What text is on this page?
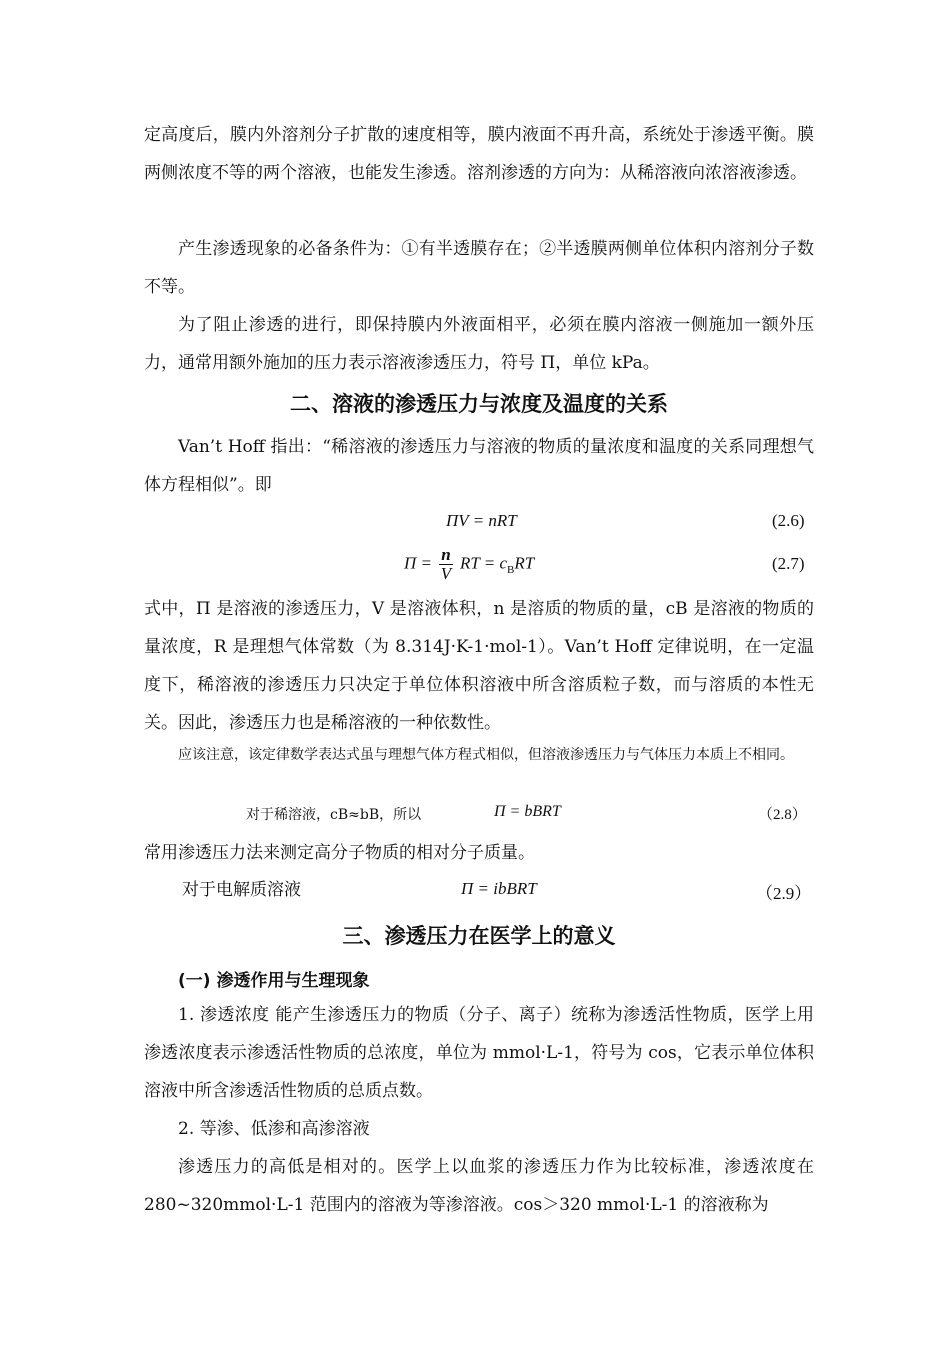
定高度后，膜内外溶剂分子扩散的速度相等，膜内液面不再升高，系统处于渗透平衡。膜两侧浓度不等的两个溶液，也能发生渗透。溶剂渗透的方向为：从稀溶液向浓溶液渗透。

产生渗透现象的必备条件为：①有半透膜存在；②半透膜两侧单位体积内溶剂分子数不等。

为了阻止渗透的进行，即保持膜内外液面相平，必须在膜内溶液一侧施加一额外压力，通常用额外施加的压力表示溶液渗透压力，符号 Π，单位 kPa。

二、溶液的渗透压力与浓度及温度的关系

Van’t Hoff 指出：“稀溶液的渗透压力与溶液的物质的量浓度和温度的关系同理想气体方程相似”。即

ΠV = nRT	(2.6)
$\Pi = \frac{n}{V}$ RT = $c_BRT$	(2.7)

式中，Π 是溶液的渗透压力，V 是溶液体积，n 是溶质的物质的量，cB 是溶液的物质的量浓度，R 是理想气体常数（为 8.314J·K-1·mol-1）。Van’t Hoff 定律说明，在一定温度下，稀溶液的渗透压力只决定于单位体积溶液中所含溶质粒子数，而与溶质的本性无关。因此，渗透压力也是稀溶液的一种依数性。

应该注意，该定律数学表达式虽与理想气体方程式相似，但溶液渗透压力与气体压力本质上不相同。

对于稀溶液，cB≈bB，所以	Π = bBRT	（2.8）

常用渗透压力法来测定高分子物质的相对分子质量。

对于电解质溶液	Π = ibBRT	（2.9）
三、渗透压力在医学上的意义
(一) 渗透作用与生理现象

1. 渗透浓度 能产生渗透压力的物质（分子、离子）统称为渗透活性物质，医学上用渗透浓度表示渗透活性物质的总浓度，单位为 mmol·L-1，符号为 cos，它表示单位体积溶液中所含渗透活性物质的总质点数。

2. 等渗、低渗和高渗溶液

渗透压力的高低是相对的。医学上以血浆的渗透压力作为比较标准，渗透浓度在 280~320mmol·L-1 范围内的溶液为等渗溶液。cos＞320 mmol·L-1 的溶液称为
